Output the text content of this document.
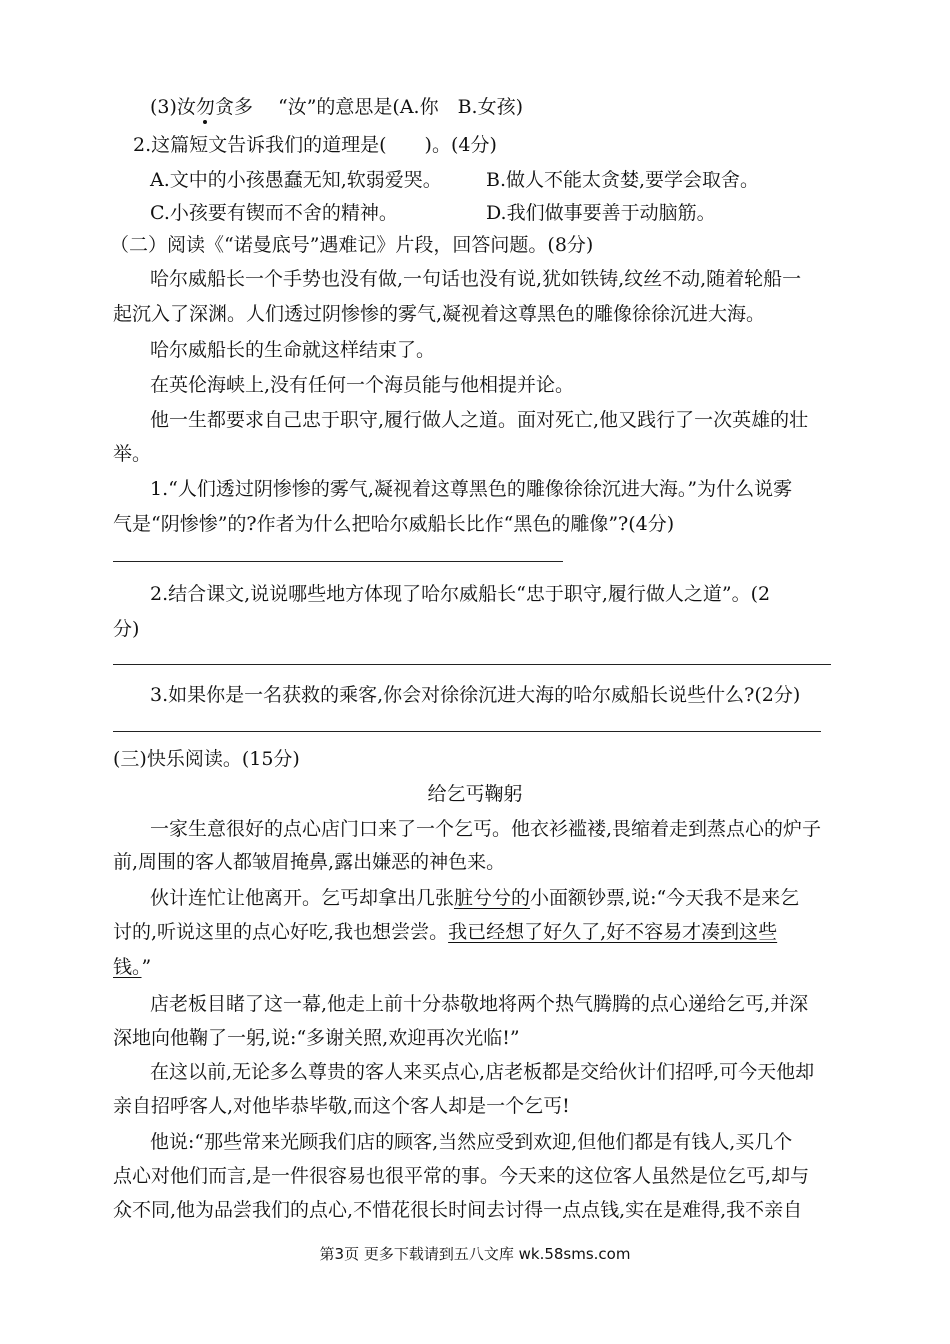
(3)汝勿贪多　 “汝”的意思是(A.你　B.女孩)
2.这篇短文告诉我们的道理是(　　)。(4分)
A.文中的小孩愚蠢无知,软弱爱哭。 B.做人不能太贪婪,要学会取舍。
C.小孩要有锲而不舍的精神。	D.我们做事要善于动脑筋。
（二）阅读《“诺曼底号”遇难记》片段，回答问题。(8分)
哈尔威船长一个手势也没有做,一句话也没有说,犹如铁铸,纹丝不动,随着轮船一
起沉入了深渊。人们透过阴惨惨的雾气,凝视着这尊黑色的雕像徐徐沉进大海。
哈尔威船长的生命就这样结束了。
在英伦海峡上,没有任何一个海员能与他相提并论。
他一生都要求自己忠于职守,履行做人之道。面对死亡,他又践行了一次英雄的壮
举。
1.“人们透过阴惨惨的雾气,凝视着这尊黑色的雕像徐徐沉进大海。”为什么说雾
气是“阴惨惨”的?作者为什么把哈尔威船长比作“黑色的雕像”?(4分)
2.结合课文,说说哪些地方体现了哈尔威船长“忠于职守,履行做人之道”。(2
分)
3.如果你是一名获救的乘客,你会对徐徐沉进大海的哈尔威船长说些什么?(2分)
(三)快乐阅读。(15分)
给乞丐鞠躬
一家生意很好的点心店门口来了一个乞丐。他衣衫褴褛,畏缩着走到蒸点心的炉子
前,周围的客人都皱眉掩鼻,露出嫌恶的神色来。
伙计连忙让他离开。乞丐却拿出几张脏兮兮的小面额钞票,说:“今天我不是来乞
讨的,听说这里的点心好吃,我也想尝尝。我已经想了好久了,好不容易才凑到这些
钱。”
店老板目睹了这一幕,他走上前十分恭敬地将两个热气腾腾的点心递给乞丐,并深
深地向他鞠了一躬,说:“多谢关照,欢迎再次光临!”
在这以前,无论多么尊贵的客人来买点心,店老板都是交给伙计们招呼,可今天他却
亲自招呼客人,对他毕恭毕敬,而这个客人却是一个乞丐!
他说:“那些常来光顾我们店的顾客,当然应受到欢迎,但他们都是有钱人,买几个
点心对他们而言,是一件很容易也很平常的事。今天来的这位客人虽然是位乞丐,却与
众不同,他为品尝我们的点心,不惜花很长时间去讨得一点点钱,实在是难得,我不亲自
第3页 更多下载请到五八文库 wk.58sms.com
